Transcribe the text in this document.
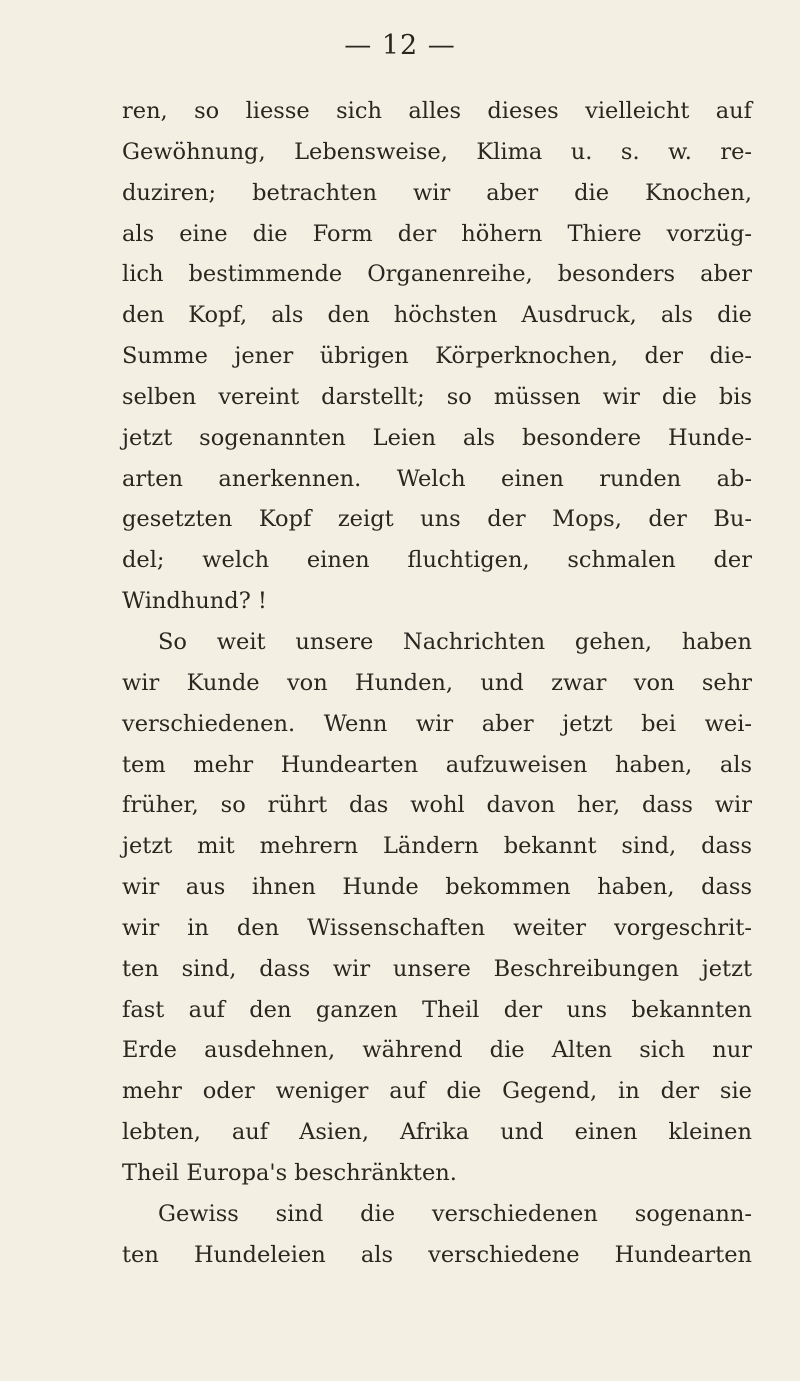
— 12 —
ren, so liesse sich alles dieses vielleicht auf
Gewöhnung, Lebensweise, Klima u. s. w. re-
duziren; betrachten wir aber die Knochen,
als eine die Form der höhern Thiere vorzüg-
lich bestimmende Organenreihe, besonders aber
den Kopf, als den höchsten Ausdruck, als die
Summe jener übrigen Körperknochen, der die-
selben vereint darstellt; so müssen wir die bis
jetzt sogenannten Leien als besondere Hunde-
arten anerkennen. Welch einen runden ab-
gesetzten Kopf zeigt uns der Mops, der Bu-
del; welch einen fluchtigen, schmalen der
Windhund? !
So weit unsere Nachrichten gehen, haben
wir Kunde von Hunden, und zwar von sehr
verschiedenen. Wenn wir aber jetzt bei wei-
tem mehr Hundearten aufzuweisen haben, als
früher, so rührt das wohl davon her, dass wir
jetzt mit mehrern Ländern bekannt sind, dass
wir aus ihnen Hunde bekommen haben, dass
wir in den Wissenschaften weiter vorgeschrit-
ten sind, dass wir unsere Beschreibungen jetzt
fast auf den ganzen Theil der uns bekannten
Erde ausdehnen, während die Alten sich nur
mehr oder weniger auf die Gegend, in der sie
lebten, auf Asien, Afrika und einen kleinen
Theil Europa's beschränkten.
Gewiss sind die verschiedenen sogenann-
ten Hundeleien als verschiedene Hundearten
